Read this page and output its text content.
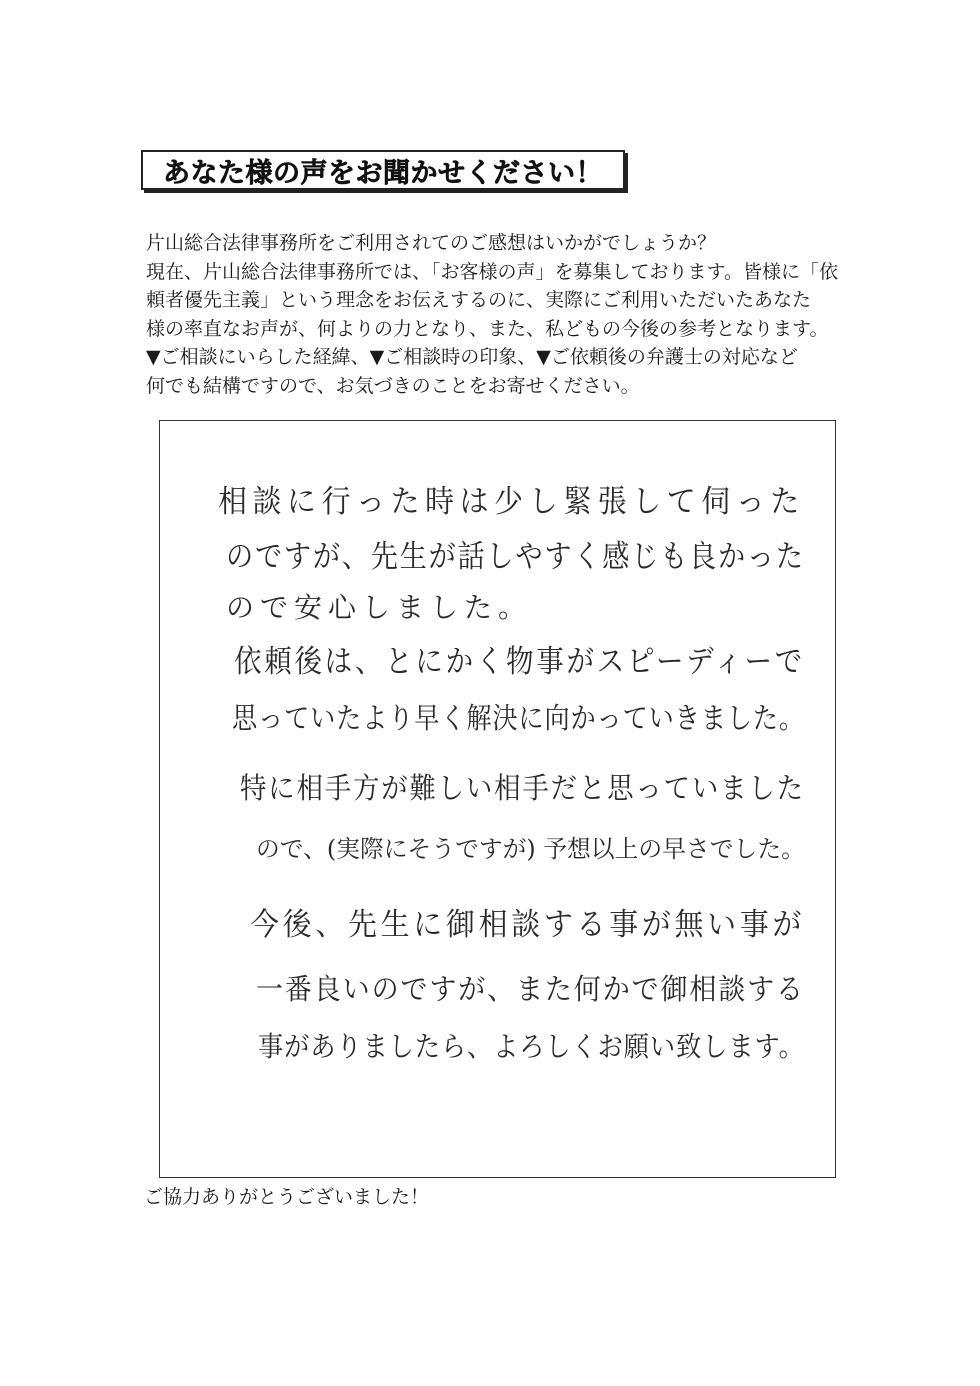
あなた様の声をお聞かせください！
片山総合法律事務所をご利用されてのご感想はいかがでしょうか？
現在、片山総合法律事務所では、「お客様の声」を募集しております。皆様に「依
頼者優先主義」という理念をお伝えするのに、実際にご利用いただいたあなた
様の率直なお声が、何よりの力となり、また、私どもの今後の参考となります。
▼ご相談にいらした経緯、▼ご相談時の印象、▼ご依頼後の弁護士の対応など
何でも結構ですので、お気づきのことをお寄せください。
相談に行った時は少し緊張して伺った
のですが、先生が話しやすく感じも良かった
ので安心しました。
依頼後は、とにかく物事がスピーディーで
思っていたより早く解決に向かっていきました。
特に相手方が難しい相手だと思っていました
ので、(実際にそうですが) 予想以上の早さでした。
今後、先生に御相談する事が無い事が
一番良いのですが、また何かで御相談する
事がありましたら、よろしくお願い致します。
ご協力ありがとうございました！
